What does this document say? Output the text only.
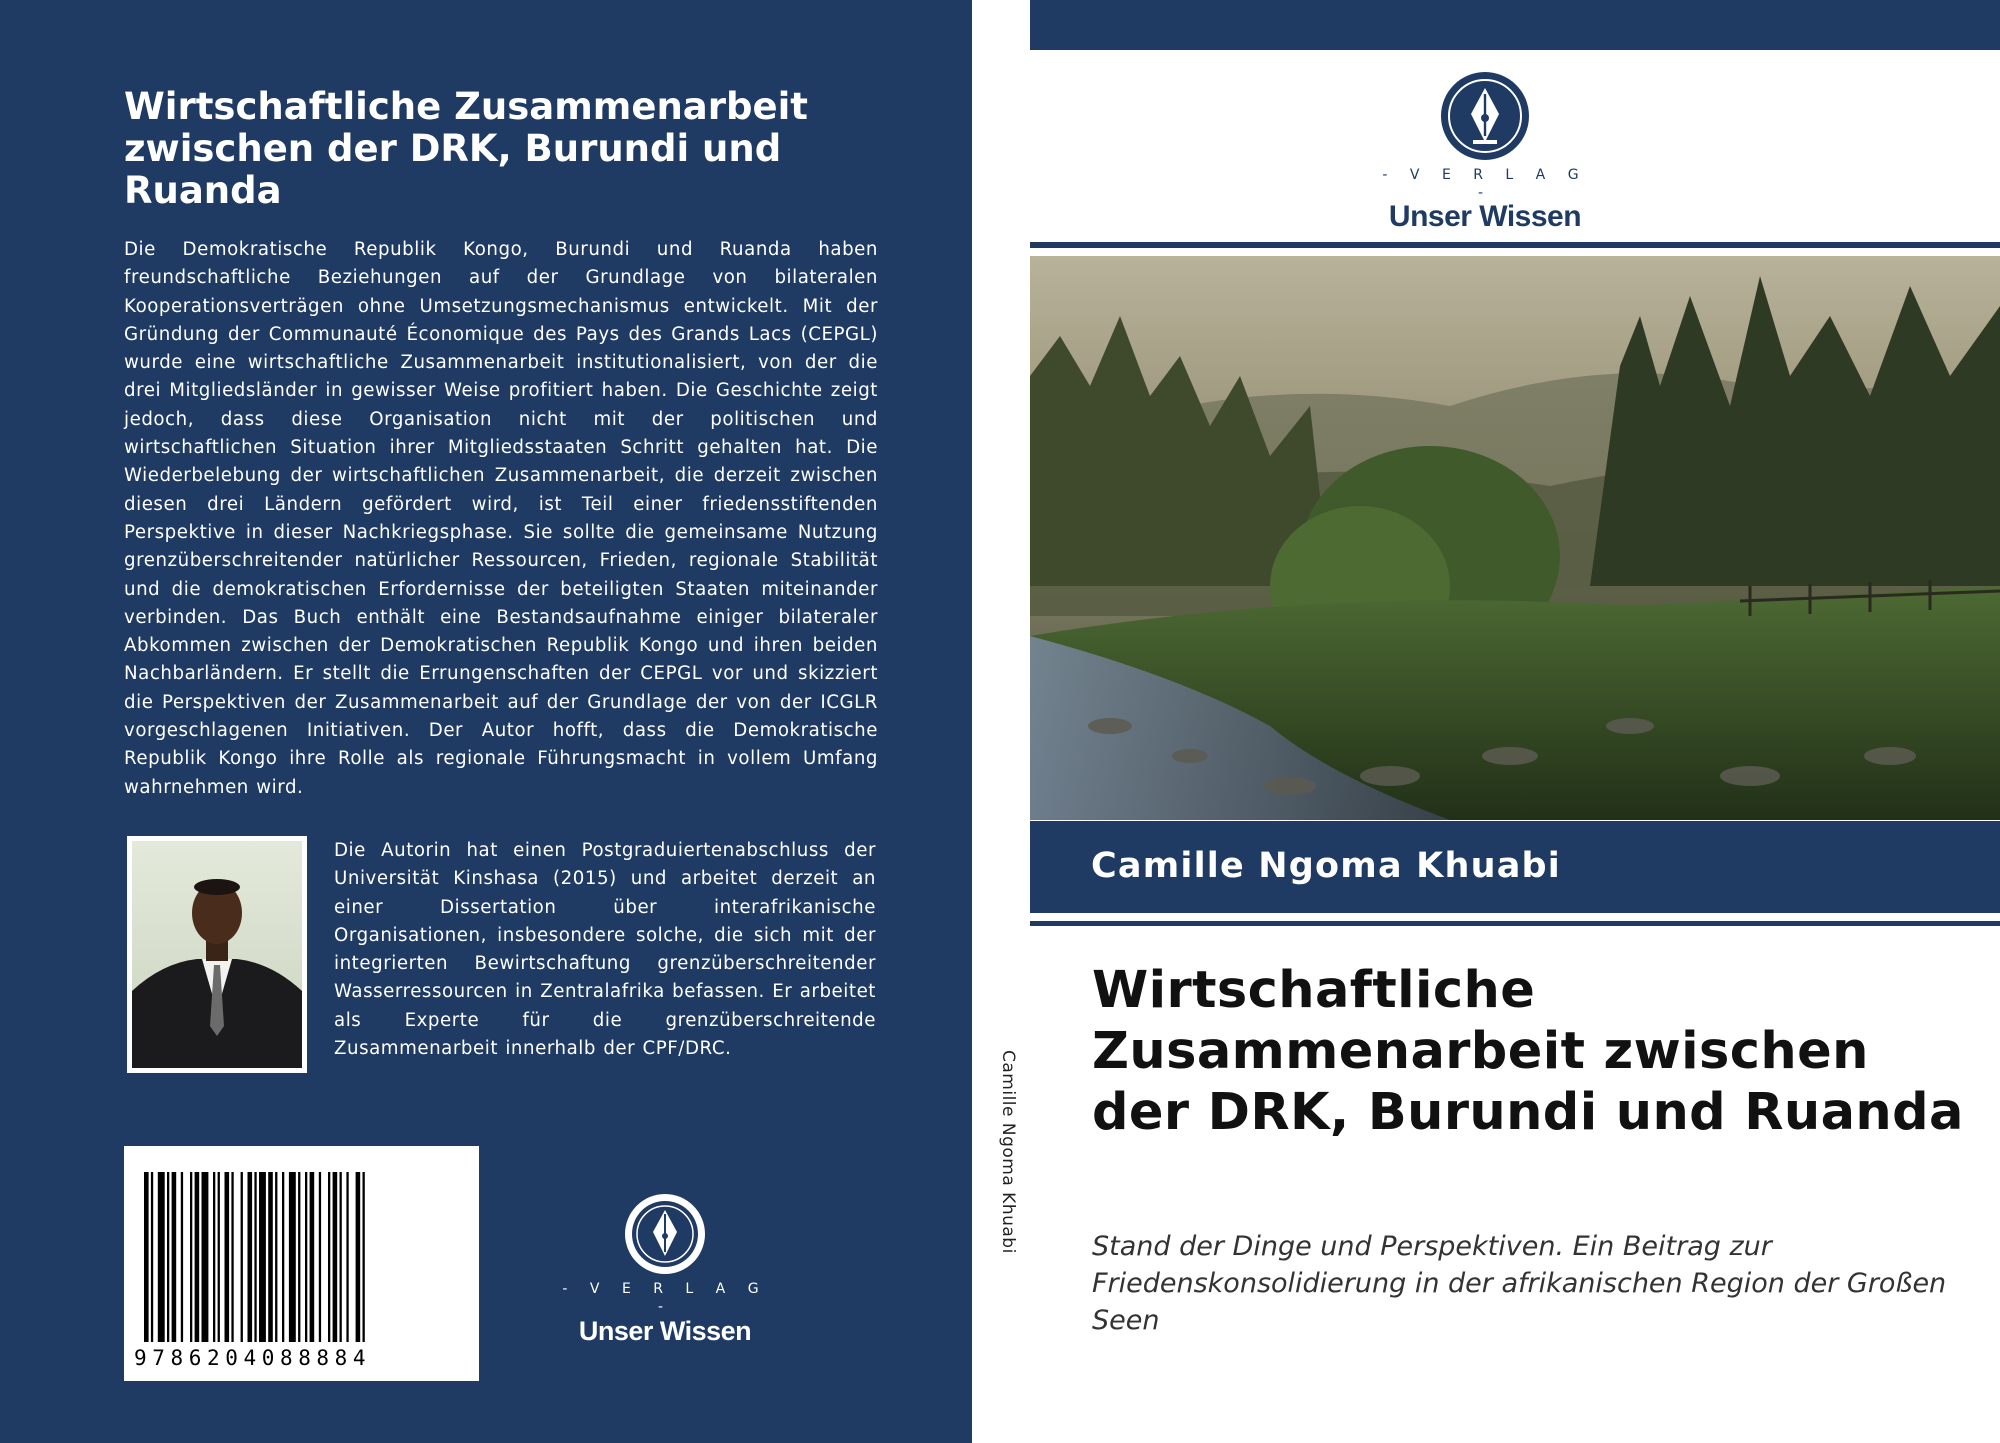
Wirtschaftliche Zusammenarbeit zwischen der DRK, Burundi und Ruanda

Die Demokratische Republik Kongo, Burundi und Ruanda haben freundschaftliche Beziehungen auf der Grundlage von bilateralen Kooperationsverträgen ohne Umsetzungsmechanismus entwickelt. Mit der Gründung der Communauté Économique des Pays des Grands Lacs (CEPGL) wurde eine wirtschaftliche Zusammenarbeit institutionalisiert, von der die drei Mitgliedsländer in gewisser Weise profitiert haben. Die Geschichte zeigt jedoch, dass diese Organisation nicht mit der politischen und wirtschaftlichen Situation ihrer Mitgliedsstaaten Schritt gehalten hat. Die Wiederbelebung der wirtschaftlichen Zusammenarbeit, die derzeit zwischen diesen drei Ländern gefördert wird, ist Teil einer friedensstiftenden Perspektive in dieser Nachkriegsphase. Sie sollte die gemeinsame Nutzung grenzüberschreitender natürlicher Ressourcen, Frieden, regionale Stabilität und die demokratischen Erfordernisse der beteiligten Staaten miteinander verbinden. Das Buch enthält eine Bestandsaufnahme einiger bilateraler Abkommen zwischen der Demokratischen Republik Kongo und ihren beiden Nachbarländern. Er stellt die Errungenschaften der CEPGL vor und skizziert die Perspektiven der Zusammenarbeit auf der Grundlage der von der ICGLR vorgeschlagenen Initiativen. Der Autor hofft, dass die Demokratische Republik Kongo ihre Rolle als regionale Führungsmacht in vollem Umfang wahrnehmen wird.

Die Autorin hat einen Postgraduiertenabschluss der Universität Kinshasa (2015) und arbeitet derzeit an einer Dissertation über interafrikanische Organisationen, insbesondere solche, die sich mit der integrierten Bewirtschaftung grenzüberschreitender Wasserressourcen in Zentralafrika befassen. Er arbeitet als Experte für die grenzüberschreitende Zusammenarbeit innerhalb der CPF/DRC.

9786204088884
- V E R L A G -
Unser Wissen
Camille Ngoma Khuabi
- V E R L A G -
Unser Wissen
Camille Ngoma Khuabi
Wirtschaftliche Zusammenarbeit zwischen der DRK, Burundi und Ruanda

Stand der Dinge und Perspektiven. Ein Beitrag zur Friedenskonsolidierung in der afrikanischen Region der Großen Seen
